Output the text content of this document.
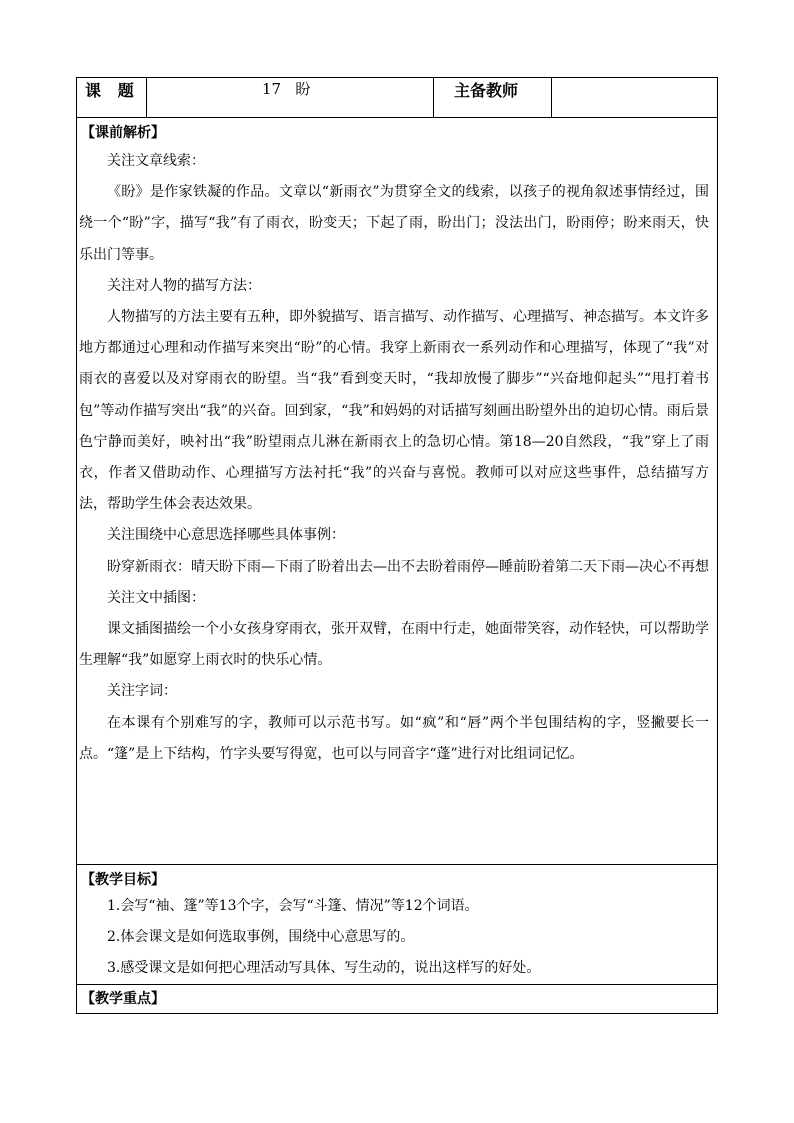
课   题	17   盼	主备教师	

【课前解析】

关注文章线索：

《盼》是作家铁凝的作品。文章以“新雨衣”为贯穿全文的线索，以孩子的视角叙述事情经过，围绕一个“盼”字，描写“我”有了雨衣，盼变天；下起了雨，盼出门；没法出门，盼雨停；盼来雨天，快乐出门等事。

关注对人物的描写方法：

人物描写的方法主要有五种，即外貌描写、语言描写、动作描写、心理描写、神态描写。本文许多地方都通过心理和动作描写来突出“盼”的心情。我穿上新雨衣一系列动作和心理描写，体现了“我”对雨衣的喜爱以及对穿雨衣的盼望。当“我”看到变天时，“我却放慢了脚步”“兴奋地仰起头”“甩打着书包”等动作描写突出“我”的兴奋。回到家，“我”和妈妈的对话描写刻画出盼望外出的迫切心情。雨后景色宁静而美好，映衬出“我”盼望雨点儿淋在新雨衣上的急切心情。第18—20自然段，“我”穿上了雨衣，作者又借助动作、心理描写方法衬托“我”的兴奋与喜悦。教师可以对应这些事件，总结描写方法，帮助学生体会表达效果。

关注围绕中心意思选择哪些具体事例：

盼穿新雨衣：晴天盼下雨—下雨了盼着出去—出不去盼着雨停—睡前盼着第二天下雨—决心不再想

关注文中插图：

课文插图描绘一个小女孩身穿雨衣，张开双臂，在雨中行走，她面带笑容，动作轻快，可以帮助学生理解“我”如愿穿上雨衣时的快乐心情。

关注字词：

在本课有个别难写的字，教师可以示范书写。如“疯”和“唇”两个半包围结构的字，竖撇要长一点。“篷”是上下结构，竹字头要写得宽，也可以与同音字“蓬”进行对比组词记忆。

【教学目标】

1.会写“袖、篷”等13个字，会写“斗篷、情况”等12个词语。

2.体会课文是如何选取事例，围绕中心意思写的。

3.感受课文是如何把心理活动写具体、写生动的，说出这样写的好处。

【教学重点】
